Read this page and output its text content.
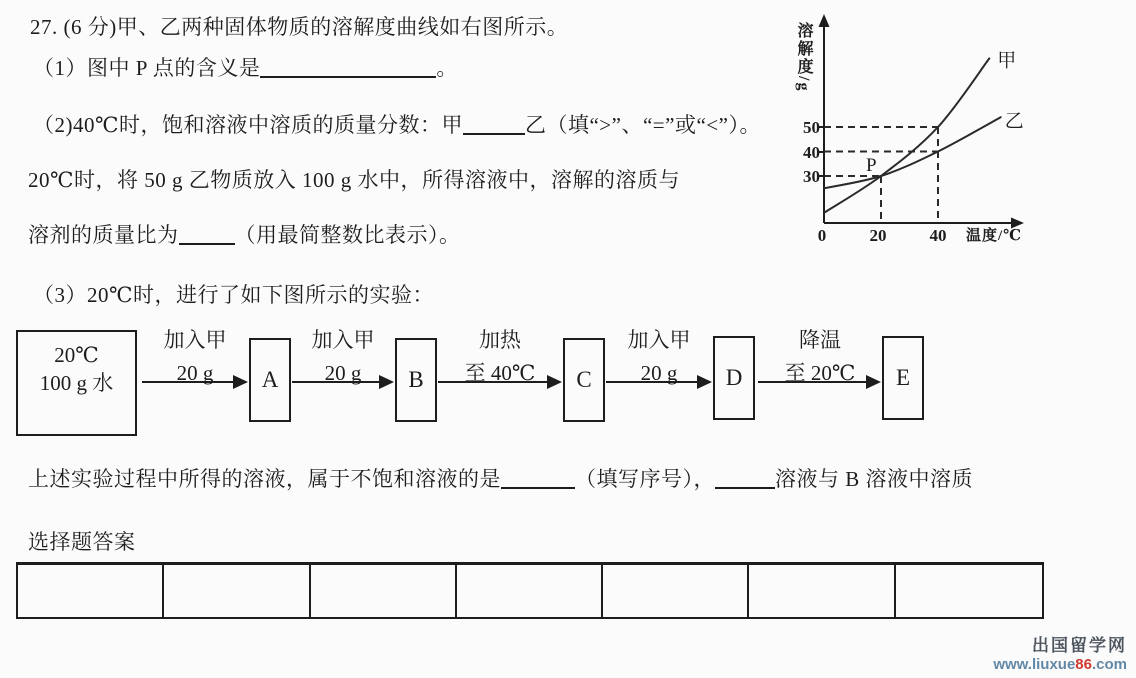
27. (6 分)甲、乙两种固体物质的溶解度曲线如右图所示。
（1）图中 P 点的含义是	。
（2)40℃时，饱和溶液中溶质的质量分数：甲	乙（填“>”、“=”或“<”）。
20℃时，将 50 g 乙物质放入 100 g 水中，所得溶液中，溶解的溶质与
溶剂的质量比为	（用最简整数比表示）。
（3）20℃时，进行了如下图所示的实验：
溶解度/g
50
40
30
0	20	40 温度/℃
甲
乙
P
20℃
100 g 水
加入甲
20 g
加入甲
20 g
加热
至 40℃
加入甲
20 g
降温
至 20℃
A	B	C	D	E
上述实验过程中所得的溶液，属于不饱和溶液的是	（填写序号），	溶液与 B 溶液中溶质
选择题答案
出国留学网
www.liuxue86.com
